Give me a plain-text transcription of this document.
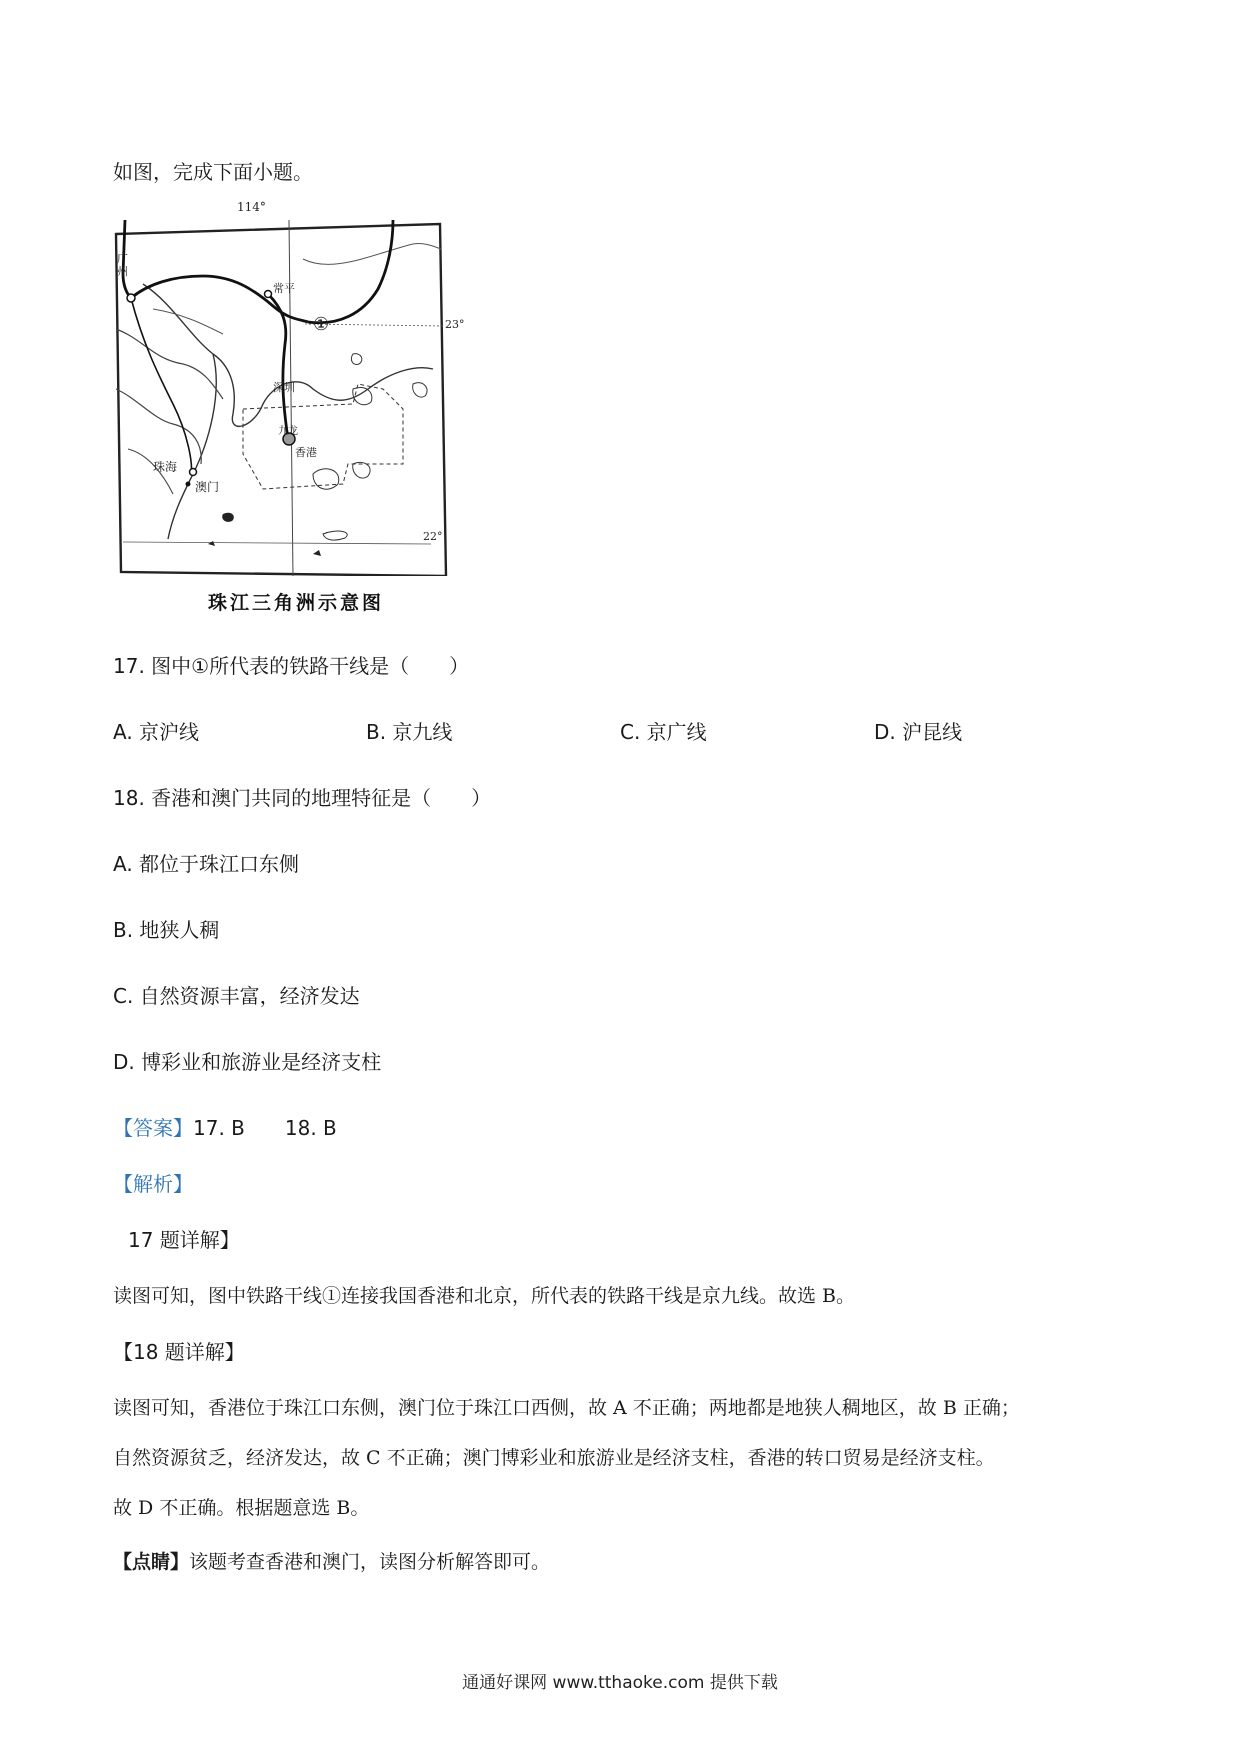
如图，完成下面小题。
114°
23°
22°
广州
常平
①
深圳
九龙
香港
珠海
澳门
珠江三角洲示意图
17. 图中①所代表的铁路干线是（　　）
A. 京沪线	B. 京九线	C. 京广线	D. 沪昆线
18. 香港和澳门共同的地理特征是（　　）
A. 都位于珠江口东侧
B. 地狭人稠
C. 自然资源丰富，经济发达
D. 博彩业和旅游业是经济支柱
【答案】17. B　　18. B
【解析】
17 题详解】
读图可知，图中铁路干线①连接我国香港和北京，所代表的铁路干线是京九线。故选 B。
【18 题详解】
读图可知，香港位于珠江口东侧，澳门位于珠江口西侧，故 A 不正确；两地都是地狭人稠地区，故 B 正确；
自然资源贫乏，经济发达，故 C 不正确；澳门博彩业和旅游业是经济支柱，香港的转口贸易是经济支柱。
故 D 不正确。根据题意选 B。
【点睛】该题考查香港和澳门，读图分析解答即可。
通通好课网 www.tthaoke.com 提供下载
